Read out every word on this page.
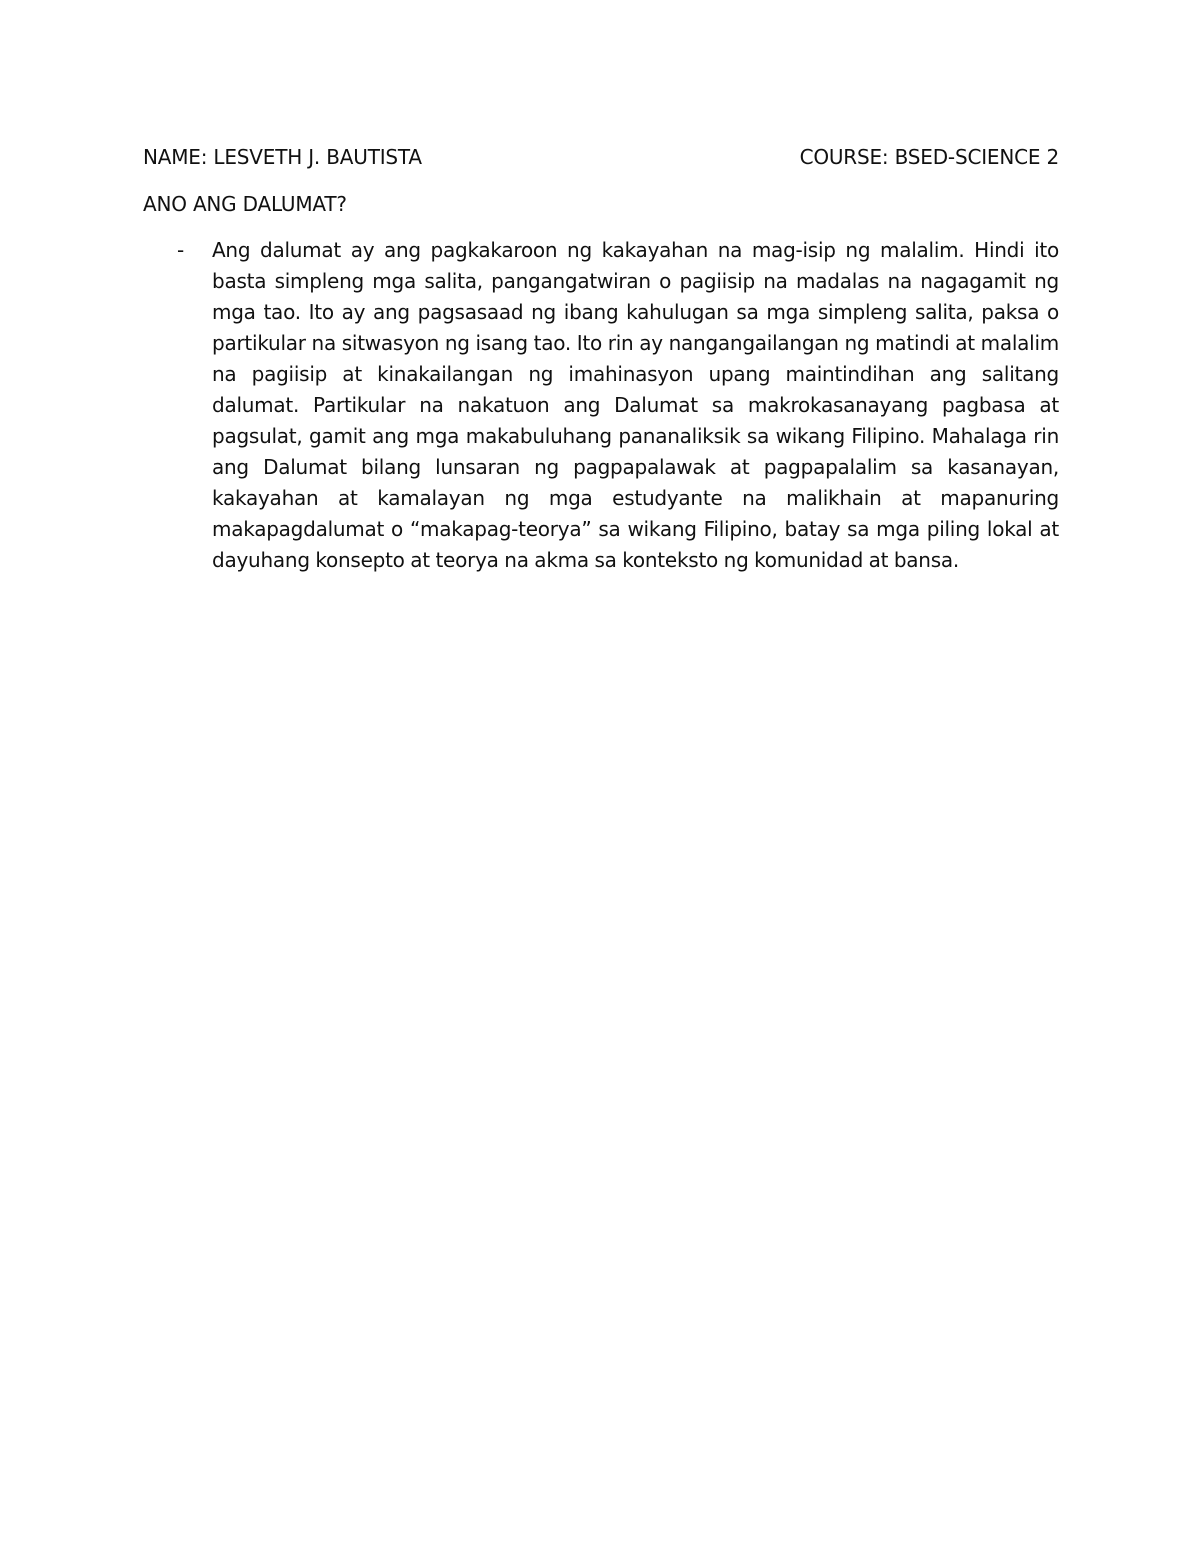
NAME: LESVETH J. BAUTISTA	COURSE: BSED-SCIENCE 2
ANO ANG DALUMAT?
- Ang dalumat ay ang pagkakaroon ng kakayahan na mag-isip ng malalim. Hindi ito basta simpleng mga salita, pangangatwiran o pagiisip na madalas na nagagamit ng mga tao. Ito ay ang pagsasaad ng ibang kahulugan sa mga simpleng salita, paksa o partikular na sitwasyon ng isang tao. Ito rin ay nangangailangan ng matindi at malalim na pagiisip at kinakailangan ng imahinasyon upang maintindihan ang salitang dalumat. Partikular na nakatuon ang Dalumat sa makrokasanayang pagbasa at pagsulat, gamit ang mga makabuluhang pananaliksik sa wikang Filipino. Mahalaga rin ang Dalumat bilang lunsaran ng pagpapalawak at pagpapalalim sa kasanayan, kakayahan at kamalayan ng mga estudyante na malikhain at mapanuring makapagdalumat o “makapag-teorya” sa wikang Filipino, batay sa mga piling lokal at dayuhang konsepto at teorya na akma sa konteksto ng komunidad at bansa.
